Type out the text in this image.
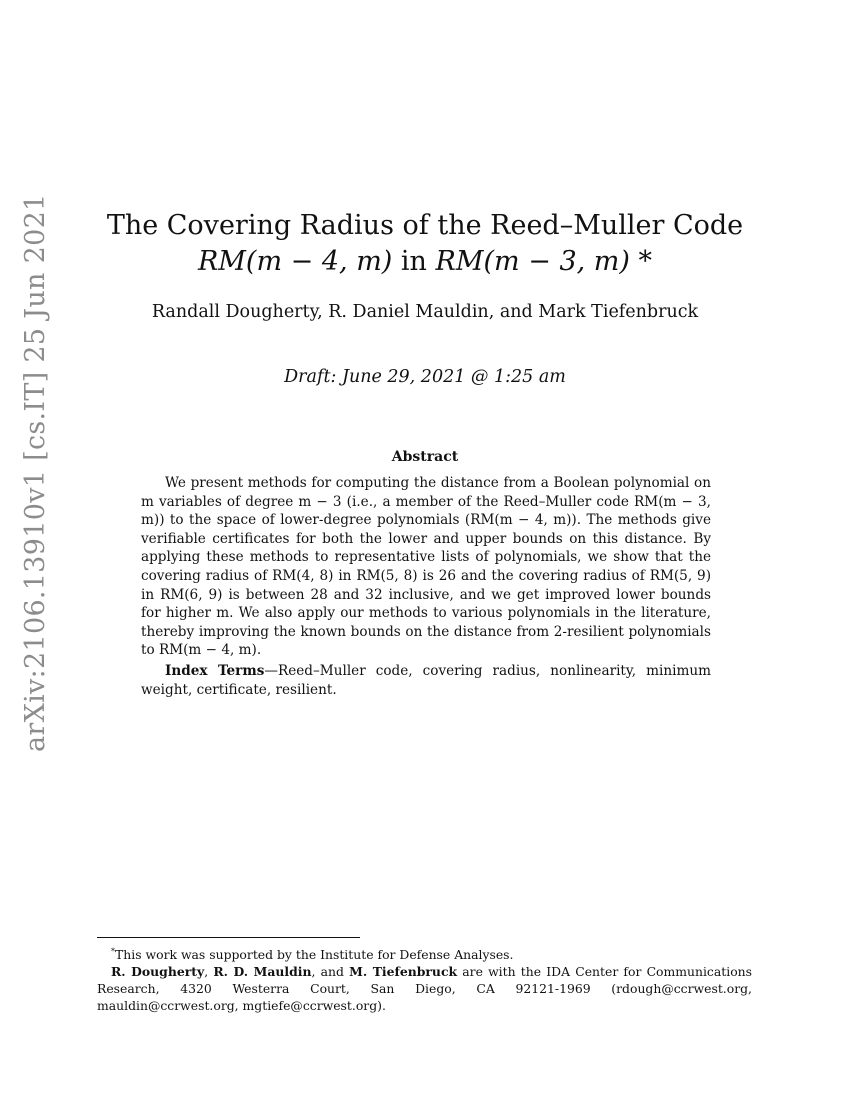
arXiv:2106.13910v1 [cs.IT] 25 Jun 2021	The Covering Radius of the Reed–Muller Code
RM(m − 4, m) in RM(m − 3, m) *
Randall Dougherty, R. Daniel Mauldin, and Mark Tiefenbruck
Draft: June 29, 2021 @ 1:25 am
Abstract

We present methods for computing the distance from a Boolean polynomial on m variables of degree m − 3 (i.e., a member of the Reed–Muller code RM(m − 3, m)) to the space of lower-degree polynomials (RM(m − 4, m)). The methods give verifiable certificates for both the lower and upper bounds on this distance. By applying these methods to representative lists of polynomials, we show that the covering radius of RM(4, 8) in RM(5, 8) is 26 and the covering radius of RM(5, 9) in RM(6, 9) is between 28 and 32 inclusive, and we get improved lower bounds for higher m. We also apply our methods to various polynomials in the literature, thereby improving the known bounds on the distance from 2-resilient polynomials to RM(m − 4, m).

Index Terms—Reed–Muller code, covering radius, nonlinearity, minimum weight, certificate, resilient.

*This work was supported by the Institute for Defense Analyses.

R. Dougherty, R. D. Mauldin, and M. Tiefenbruck are with the IDA Center for Communications Research, 4320 Westerra Court, San Diego, CA 92121-1969 (rdough@ccrwest.org, mauldin@ccrwest.org, mgtiefe@ccrwest.org).
